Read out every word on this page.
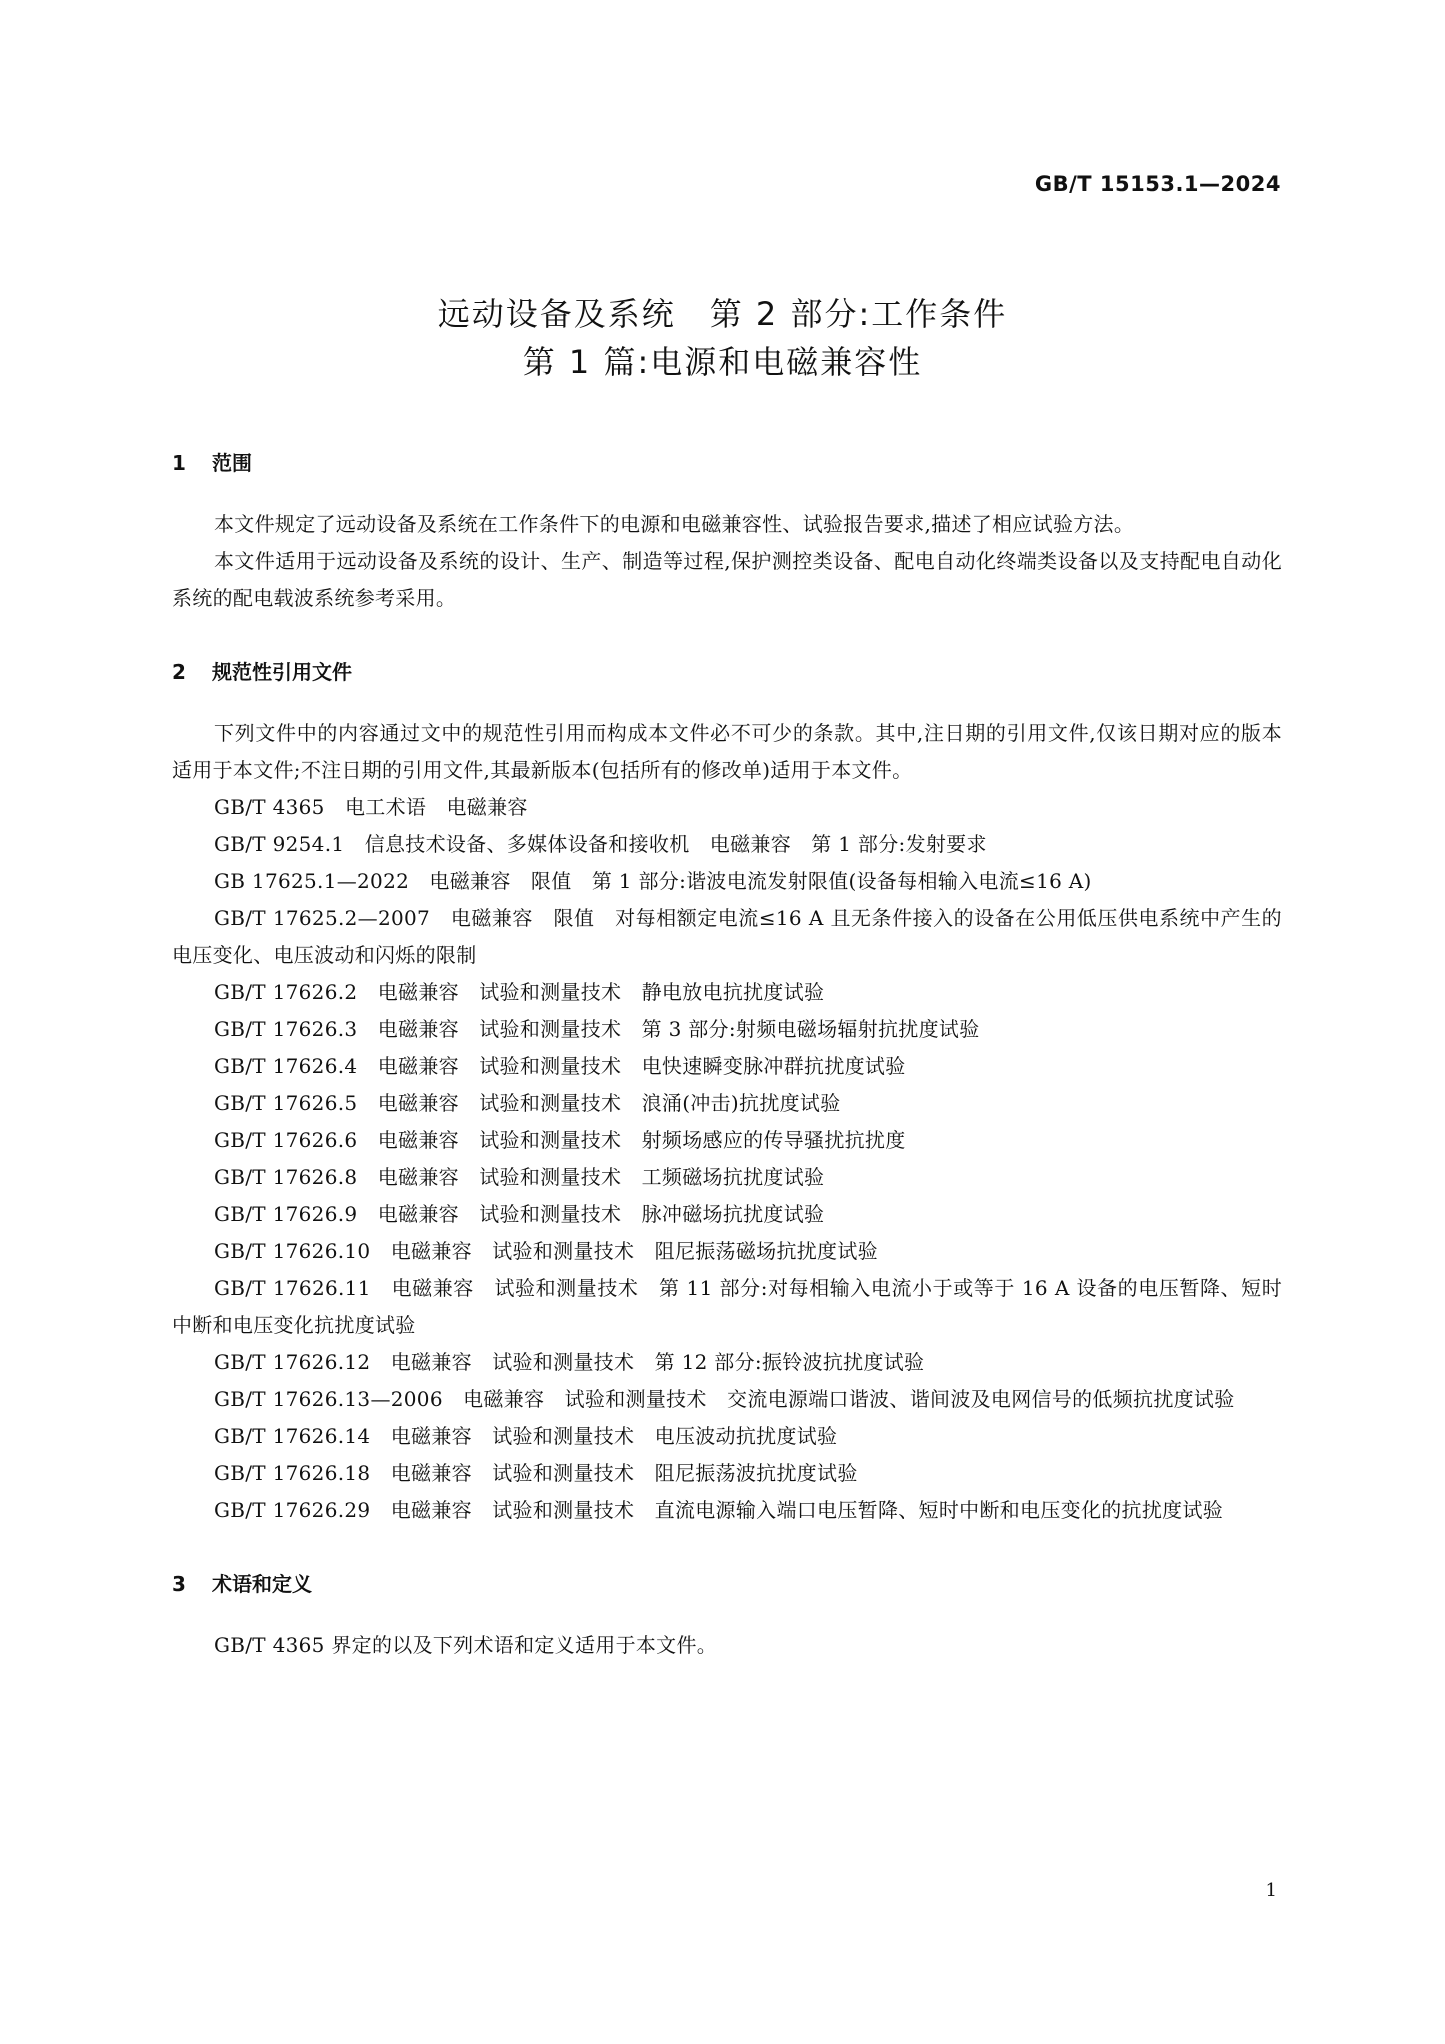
GB/T 15153.1—2024
远动设备及系统　第 2 部分:工作条件
第 1 篇:电源和电磁兼容性
1 范围
本文件规定了远动设备及系统在工作条件下的电源和电磁兼容性、试验报告要求,描述了相应试验方法。
本文件适用于远动设备及系统的设计、生产、制造等过程,保护测控类设备、配电自动化终端类设备以及支持配电自动化系统的配电载波系统参考采用。
2 规范性引用文件
下列文件中的内容通过文中的规范性引用而构成本文件必不可少的条款。其中,注日期的引用文件,仅该日期对应的版本适用于本文件;不注日期的引用文件,其最新版本(包括所有的修改单)适用于本文件。
GB/T 4365　电工术语　电磁兼容
GB/T 9254.1　信息技术设备、多媒体设备和接收机　电磁兼容　第 1 部分:发射要求
GB 17625.1—2022　电磁兼容　限值　第 1 部分:谐波电流发射限值(设备每相输入电流≤16 A)
GB/T 17625.2—2007　电磁兼容　限值　对每相额定电流≤16 A 且无条件接入的设备在公用低压供电系统中产生的电压变化、电压波动和闪烁的限制
GB/T 17626.2　电磁兼容　试验和测量技术　静电放电抗扰度试验
GB/T 17626.3　电磁兼容　试验和测量技术　第 3 部分:射频电磁场辐射抗扰度试验
GB/T 17626.4　电磁兼容　试验和测量技术　电快速瞬变脉冲群抗扰度试验
GB/T 17626.5　电磁兼容　试验和测量技术　浪涌(冲击)抗扰度试验
GB/T 17626.6　电磁兼容　试验和测量技术　射频场感应的传导骚扰抗扰度
GB/T 17626.8　电磁兼容　试验和测量技术　工频磁场抗扰度试验
GB/T 17626.9　电磁兼容　试验和测量技术　脉冲磁场抗扰度试验
GB/T 17626.10　电磁兼容　试验和测量技术　阻尼振荡磁场抗扰度试验
GB/T 17626.11　电磁兼容　试验和测量技术　第 11 部分:对每相输入电流小于或等于 16 A 设备的电压暂降、短时中断和电压变化抗扰度试验
GB/T 17626.12　电磁兼容　试验和测量技术　第 12 部分:振铃波抗扰度试验
GB/T 17626.13—2006　电磁兼容　试验和测量技术　交流电源端口谐波、谐间波及电网信号的低频抗扰度试验
GB/T 17626.14　电磁兼容　试验和测量技术　电压波动抗扰度试验
GB/T 17626.18　电磁兼容　试验和测量技术　阻尼振荡波抗扰度试验
GB/T 17626.29　电磁兼容　试验和测量技术　直流电源输入端口电压暂降、短时中断和电压变化的抗扰度试验
3 术语和定义
GB/T 4365 界定的以及下列术语和定义适用于本文件。
1
